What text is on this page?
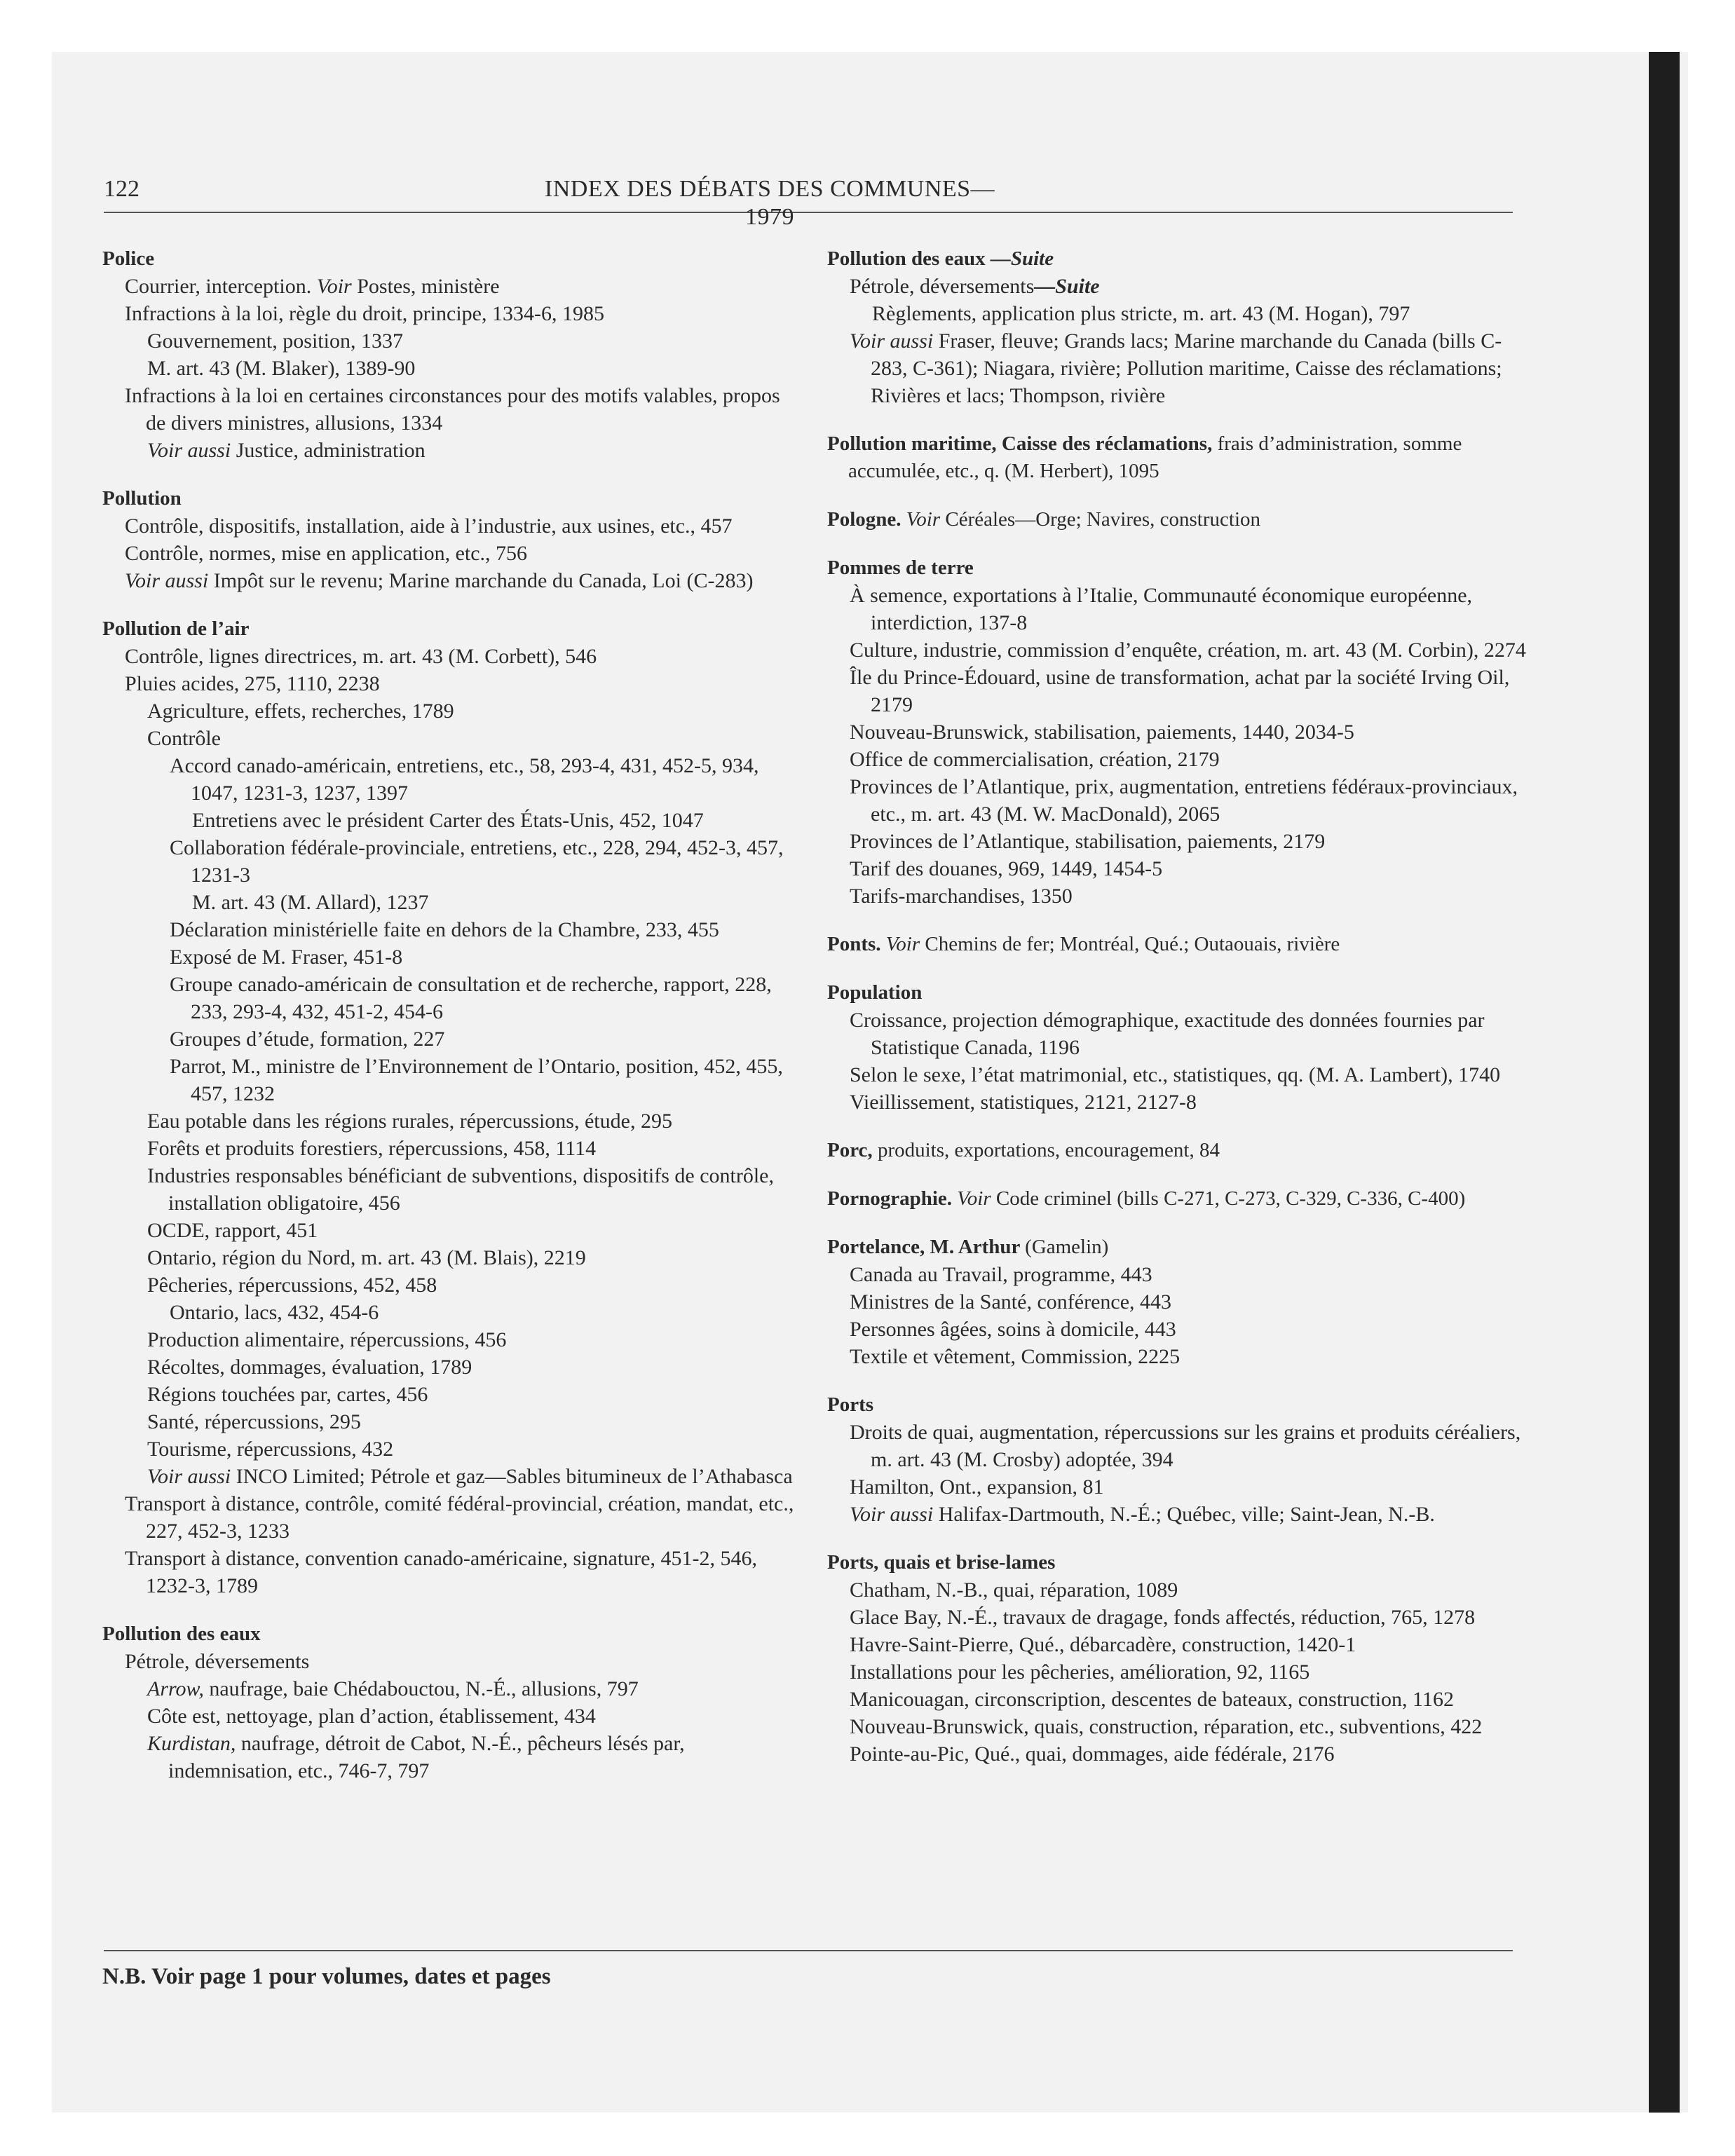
122	INDEX DES DÉBATS DES COMMUNES—1979
Police
Courrier, interception. Voir Postes, ministère
Infractions à la loi, règle du droit, principe, 1334-6, 1985
Gouvernement, position, 1337
M. art. 43 (M. Blaker), 1389-90
Infractions à la loi en certaines circonstances pour des motifs valables, propos de divers ministres, allusions, 1334
Voir aussi Justice, administration
Pollution
Contrôle, dispositifs, installation, aide à l’industrie, aux usines, etc., 457
Contrôle, normes, mise en application, etc., 756
Voir aussi Impôt sur le revenu; Marine marchande du Canada, Loi (C-283)
Pollution de l’air
Contrôle, lignes directrices, m. art. 43 (M. Corbett), 546
Pluies acides, 275, 1110, 2238
Agriculture, effets, recherches, 1789
Contrôle
Accord canado-américain, entretiens, etc., 58, 293-4, 431, 452-5, 934, 1047, 1231-3, 1237, 1397
Entretiens avec le président Carter des États-Unis, 452, 1047
Collaboration fédérale-provinciale, entretiens, etc., 228, 294, 452-3, 457, 1231-3
M. art. 43 (M. Allard), 1237
Déclaration ministérielle faite en dehors de la Chambre, 233, 455
Exposé de M. Fraser, 451-8
Groupe canado-américain de consultation et de recherche, rapport, 228, 233, 293-4, 432, 451-2, 454-6
Groupes d’étude, formation, 227
Parrot, M., ministre de l’Environnement de l’Ontario, position, 452, 455, 457, 1232
Eau potable dans les régions rurales, répercussions, étude, 295
Forêts et produits forestiers, répercussions, 458, 1114
Industries responsables bénéficiant de subventions, dispositifs de contrôle, installation obligatoire, 456
OCDE, rapport, 451
Ontario, région du Nord, m. art. 43 (M. Blais), 2219
Pêcheries, répercussions, 452, 458
Ontario, lacs, 432, 454-6
Production alimentaire, répercussions, 456
Récoltes, dommages, évaluation, 1789
Régions touchées par, cartes, 456
Santé, répercussions, 295
Tourisme, répercussions, 432
Voir aussi INCO Limited; Pétrole et gaz—Sables bitumineux de l’Athabasca
Transport à distance, contrôle, comité fédéral-provincial, création, mandat, etc., 227, 452-3, 1233
Transport à distance, convention canado-américaine, signature, 451-2, 546, 1232-3, 1789
Pollution des eaux
Pétrole, déversements
Arrow, naufrage, baie Chédabouctou, N.-É., allusions, 797
Côte est, nettoyage, plan d’action, établissement, 434
Kurdistan, naufrage, détroit de Cabot, N.-É., pêcheurs lésés par, indemnisation, etc., 746-7, 797
Pollution des eaux —Suite
Pétrole, déversements—Suite
Règlements, application plus stricte, m. art. 43 (M. Hogan), 797
Voir aussi Fraser, fleuve; Grands lacs; Marine marchande du Canada (bills C-283, C-361); Niagara, rivière; Pollution maritime, Caisse des réclamations; Rivières et lacs; Thompson, rivière
Pollution maritime, Caisse des réclamations, frais d’administration, somme accumulée, etc., q. (M. Herbert), 1095
Pologne. Voir Céréales—Orge; Navires, construction
Pommes de terre
À semence, exportations à l’Italie, Communauté économique européenne, interdiction, 137-8
Culture, industrie, commission d’enquête, création, m. art. 43 (M. Corbin), 2274
Île du Prince-Édouard, usine de transformation, achat par la société Irving Oil, 2179
Nouveau-Brunswick, stabilisation, paiements, 1440, 2034-5
Office de commercialisation, création, 2179
Provinces de l’Atlantique, prix, augmentation, entretiens fédéraux-provinciaux, etc., m. art. 43 (M. W. MacDonald), 2065
Provinces de l’Atlantique, stabilisation, paiements, 2179
Tarif des douanes, 969, 1449, 1454-5
Tarifs-marchandises, 1350
Ponts. Voir Chemins de fer; Montréal, Qué.; Outaouais, rivière
Population
Croissance, projection démographique, exactitude des données fournies par Statistique Canada, 1196
Selon le sexe, l’état matrimonial, etc., statistiques, qq. (M. A. Lambert), 1740
Vieillissement, statistiques, 2121, 2127-8
Porc, produits, exportations, encouragement, 84
Pornographie. Voir Code criminel (bills C-271, C-273, C-329, C-336, C-400)
Portelance, M. Arthur (Gamelin)
Canada au Travail, programme, 443
Ministres de la Santé, conférence, 443
Personnes âgées, soins à domicile, 443
Textile et vêtement, Commission, 2225
Ports
Droits de quai, augmentation, répercussions sur les grains et produits céréaliers, m. art. 43 (M. Crosby) adoptée, 394
Hamilton, Ont., expansion, 81
Voir aussi Halifax-Dartmouth, N.-É.; Québec, ville; Saint-Jean, N.-B.
Ports, quais et brise-lames
Chatham, N.-B., quai, réparation, 1089
Glace Bay, N.-É., travaux de dragage, fonds affectés, réduction, 765, 1278
Havre-Saint-Pierre, Qué., débarcadère, construction, 1420-1
Installations pour les pêcheries, amélioration, 92, 1165
Manicouagan, circonscription, descentes de bateaux, construction, 1162
Nouveau-Brunswick, quais, construction, réparation, etc., subventions, 422
Pointe-au-Pic, Qué., quai, dommages, aide fédérale, 2176
N.B. Voir page 1 pour volumes, dates et pages
